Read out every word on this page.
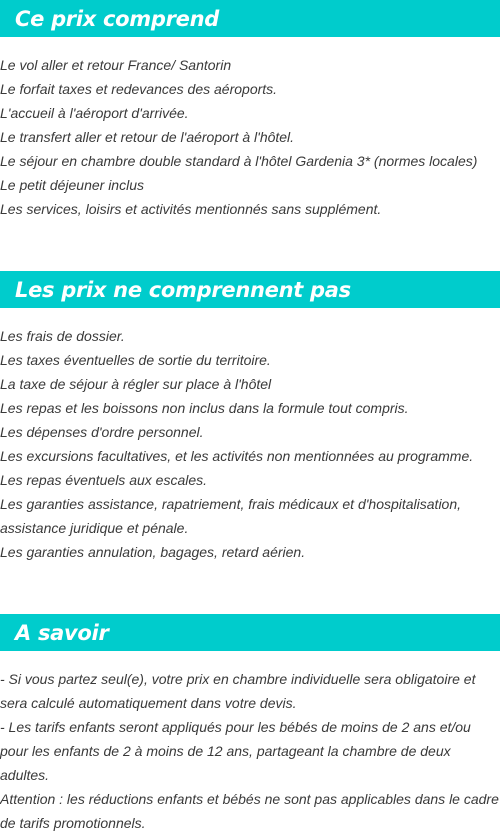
Ce prix comprend
Le vol aller et retour France/ Santorin
Le forfait taxes et redevances des aéroports.
L'accueil à l'aéroport d'arrivée.
Le transfert aller et retour de l'aéroport à l'hôtel.
Le séjour en chambre double standard à l'hôtel Gardenia 3* (normes locales)
Le petit déjeuner inclus
Les services, loisirs et activités mentionnés sans supplément.
Les prix ne comprennent pas
Les frais de dossier.
Les taxes éventuelles de sortie du territoire.
La taxe de séjour à régler sur place à l'hôtel
Les repas et les boissons non inclus dans la formule tout compris.
Les dépenses d'ordre personnel.
Les excursions facultatives, et les activités non mentionnées au programme.
Les repas éventuels aux escales.
Les garanties assistance, rapatriement, frais médicaux et d'hospitalisation, assistance juridique et pénale.
Les garanties annulation, bagages, retard aérien.
A savoir
- Si vous partez seul(e), votre prix en chambre individuelle sera obligatoire et sera calculé automatiquement dans votre devis.
- Les tarifs enfants seront appliqués pour les bébés de moins de 2 ans et/ou pour les enfants de 2 à moins de 12 ans, partageant la chambre de deux adultes.
Attention : les réductions enfants et bébés ne sont pas applicables dans le cadre de tarifs promotionnels.
